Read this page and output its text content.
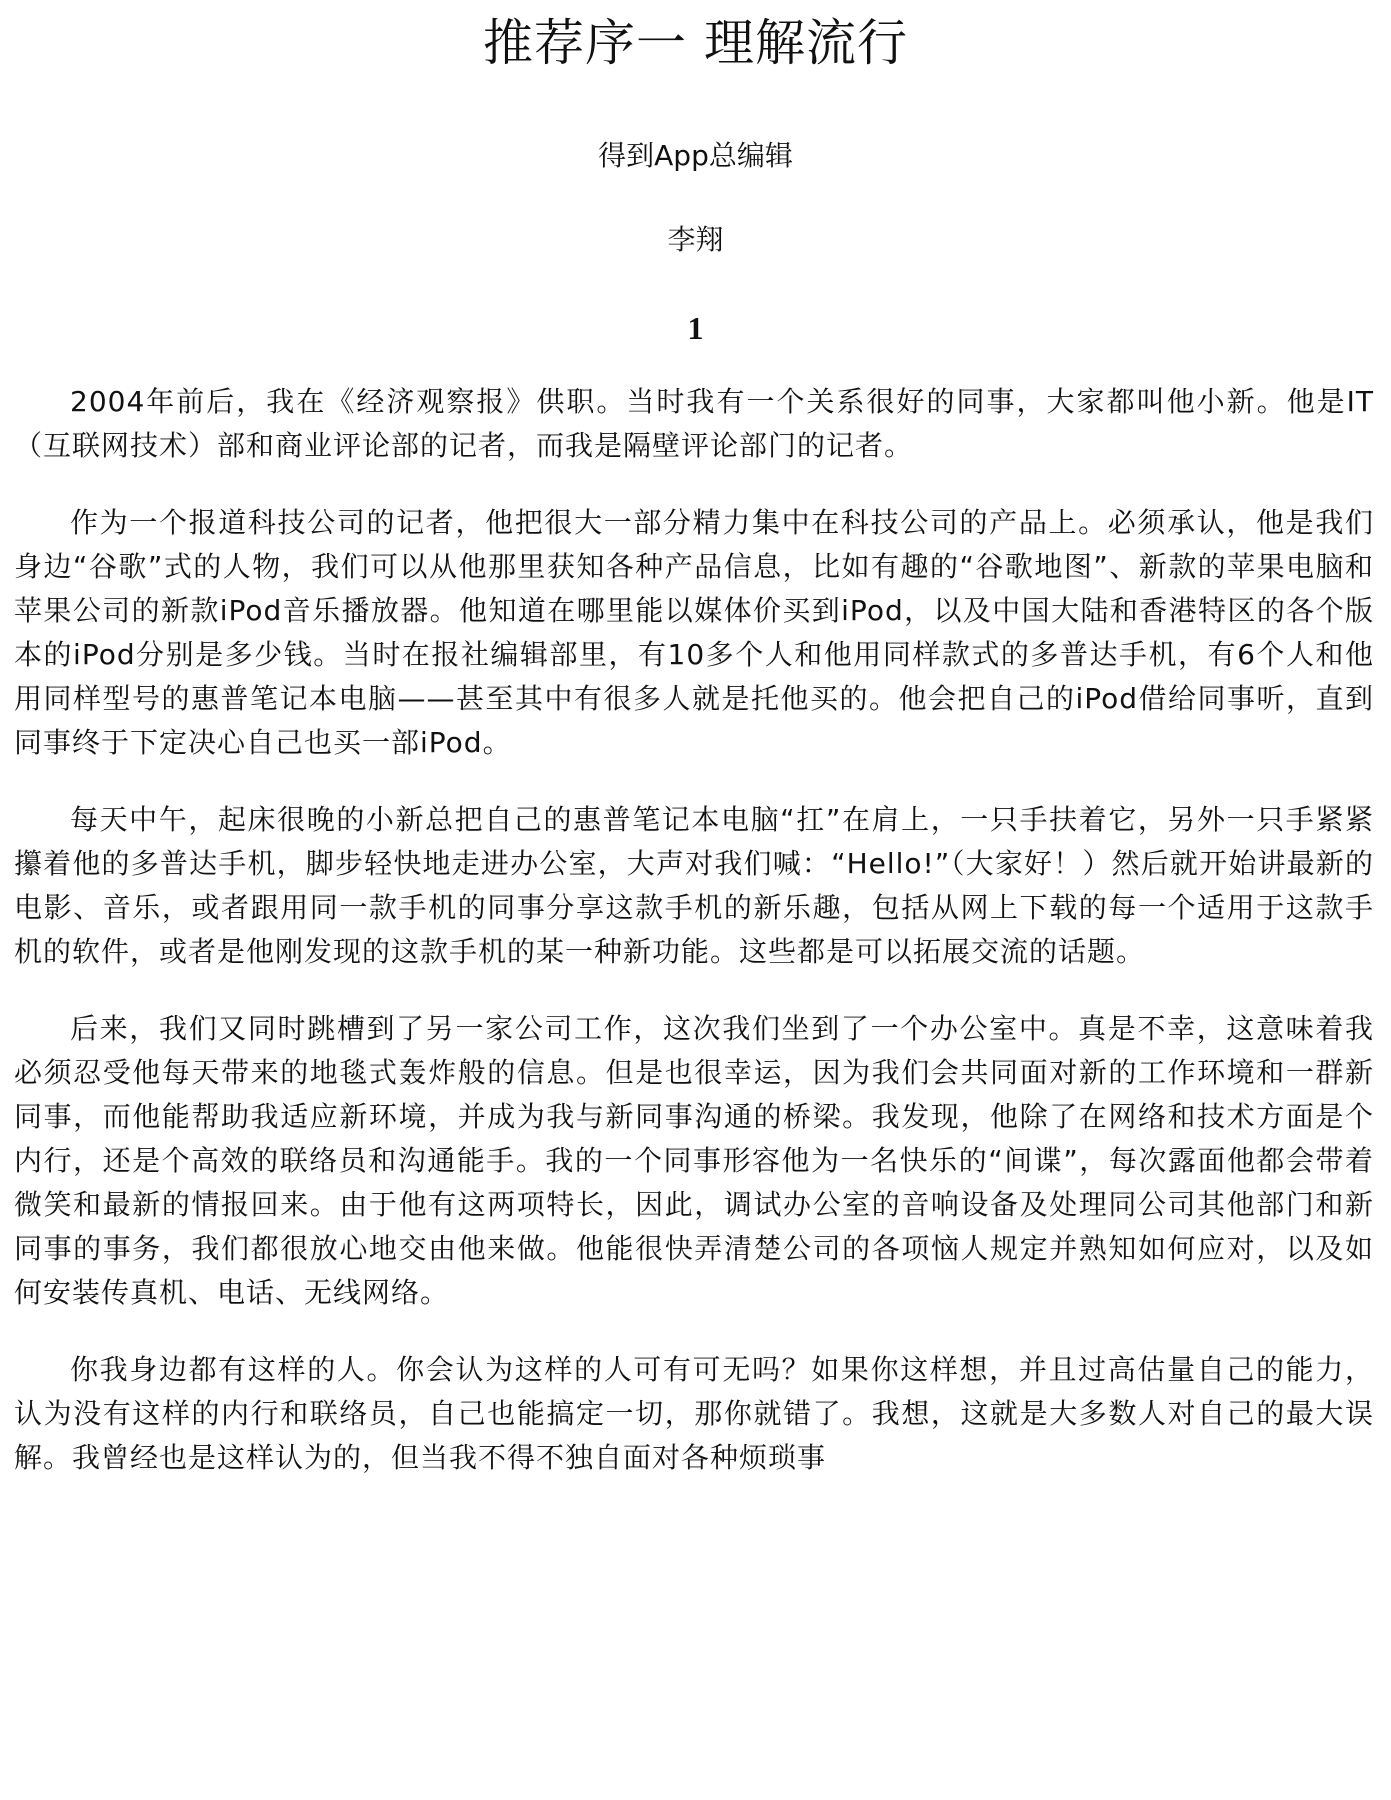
推荐序一 理解流行
得到App总编辑
李翔
1

2004年前后，我在《经济观察报》供职。当时我有一个关系很好的同事，大家都叫他小新。他是IT（互联网技术）部和商业评论部的记者，而我是隔壁评论部门的记者。

作为一个报道科技公司的记者，他把很大一部分精力集中在科技公司的产品上。必须承认，他是我们身边“谷歌”式的人物，我们可以从他那里获知各种产品信息，比如有趣的“谷歌地图”、新款的苹果电脑和苹果公司的新款iPod音乐播放器。他知道在哪里能以媒体价买到iPod，以及中国大陆和香港特区的各个版本的iPod分别是多少钱。当时在报社编辑部里，有10多个人和他用同样款式的多普达手机，有6个人和他用同样型号的惠普笔记本电脑——甚至其中有很多人就是托他买的。他会把自己的iPod借给同事听，直到同事终于下定决心自己也买一部iPod。

每天中午，起床很晚的小新总把自己的惠普笔记本电脑“扛”在肩上，一只手扶着它，另外一只手紧紧攥着他的多普达手机，脚步轻快地走进办公室，大声对我们喊：“Hello!”（大家好！）然后就开始讲最新的电影、音乐，或者跟用同一款手机的同事分享这款手机的新乐趣，包括从网上下载的每一个适用于这款手机的软件，或者是他刚发现的这款手机的某一种新功能。这些都是可以拓展交流的话题。

后来，我们又同时跳槽到了另一家公司工作，这次我们坐到了一个办公室中。真是不幸，这意味着我必须忍受他每天带来的地毯式轰炸般的信息。但是也很幸运，因为我们会共同面对新的工作环境和一群新同事，而他能帮助我适应新环境，并成为我与新同事沟通的桥梁。我发现，他除了在网络和技术方面是个内行，还是个高效的联络员和沟通能手。我的一个同事形容他为一名快乐的“间谍”，每次露面他都会带着微笑和最新的情报回来。由于他有这两项特长，因此，调试办公室的音响设备及处理同公司其他部门和新同事的事务，我们都很放心地交由他来做。他能很快弄清楚公司的各项恼人规定并熟知如何应对，以及如何安装传真机、电话、无线网络。

你我身边都有这样的人。你会认为这样的人可有可无吗？如果你这样想，并且过高估量自己的能力，认为没有这样的内行和联络员，自己也能搞定一切，那你就错了。我想，这就是大多数人对自己的最大误解。我曾经也是这样认为的，但当我不得不独自面对各种烦琐事
